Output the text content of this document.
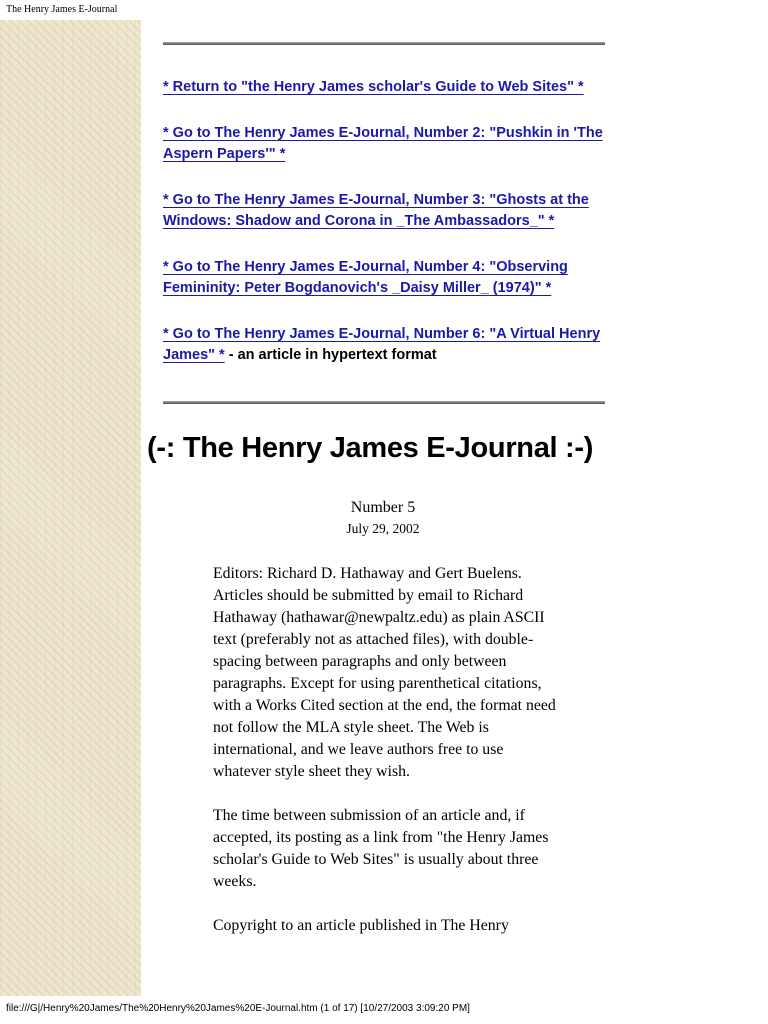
The Henry James E-Journal
* Return to "the Henry James scholar's Guide to Web Sites" *
* Go to The Henry James E-Journal, Number 2: "Pushkin in 'The Aspern Papers'" *
* Go to The Henry James E-Journal, Number 3: "Ghosts at the Windows: Shadow and Corona in _The Ambassadors_" *
* Go to The Henry James E-Journal, Number 4: "Observing Femininity: Peter Bogdanovich's _Daisy Miller_ (1974)" *
* Go to The Henry James E-Journal, Number 6: "A Virtual Henry James" * - an article in hypertext format
(-: The Henry James E-Journal :-)
Number 5
July 29, 2002

Editors: Richard D. Hathaway and Gert Buelens. Articles should be submitted by email to Richard Hathaway (hathawar@newpaltz.edu) as plain ASCII text (preferably not as attached files), with double-spacing between paragraphs and only between paragraphs. Except for using parenthetical citations, with a Works Cited section at the end, the format need not follow the MLA style sheet. The Web is international, and we leave authors free to use whatever style sheet they wish.

The time between submission of an article and, if accepted, its posting as a link from "the Henry James scholar's Guide to Web Sites" is usually about three weeks.

Copyright to an article published in The Henry

file:///G|/Henry%20James/The%20Henry%20James%20E-Journal.htm (1 of 17) [10/27/2003 3:09:20 PM]
